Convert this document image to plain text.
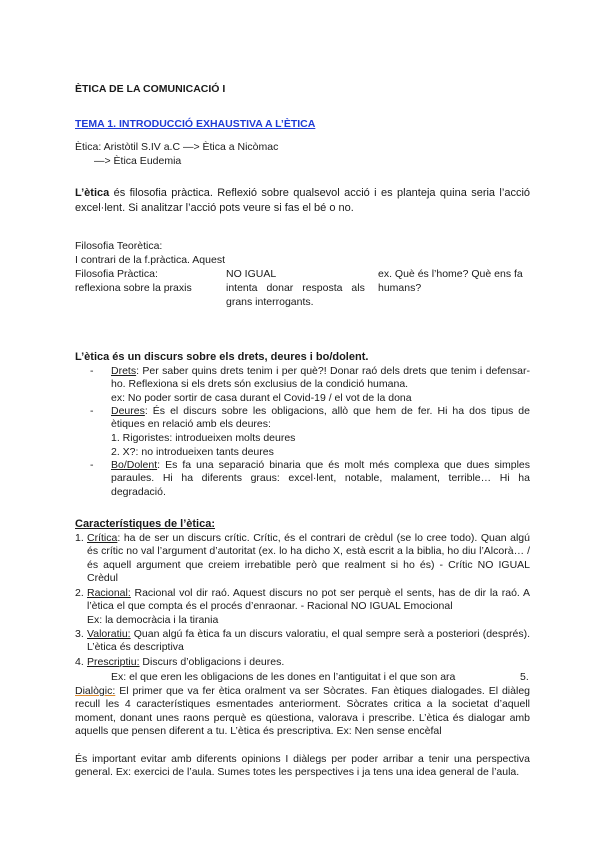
ÈTICA DE LA COMUNICACIÓ I
TEMA 1. INTRODUCCIÓ EXHAUSTIVA A L’ÈTICA
Ètica: Aristòtil S.IV a.C —> Ètica a Nicòmac
—> Ètica Eudemia
L’ètica és filosofia pràctica. Reflexió sobre qualsevol acció i es planteja quina seria l’acció excel·lent. Si analitzar l’acció pots veure si fas el bé o no.
Filosofia Teorètica:
I contrari de la f.pràctica. Aquest
Filosofia Pràctica:
reflexiona sobre la praxis
NO IGUAL
intenta donar resposta als
grans interrogants.
ex. Què és l’home? Què ens fa
humans?
L’ètica és un discurs sobre els drets, deures i bo/dolent.
- Drets: Per saber quins drets tenim i per què?! Donar raó dels drets que tenim i defensar-ho. Reflexiona si els drets són exclusius de la condició humana.
ex: No poder sortir de casa durant el Covid-19 / el vot de la dona
- Deures: És el discurs sobre les obligacions, allò que hem de fer. Hi ha dos tipus de ètiques en relació amb els deures:
1. Rigoristes: introdueixen molts deures
2. X?: no introdueixen tants deures
- Bo/Dolent: Es fa una separació binaria que és molt més complexa que dues simples paraules. Hi ha diferents graus: excel·lent, notable, malament, terrible… Hi ha degradació.
Característiques de l’ètica:
1. Crítica: ha de ser un discurs crític. Crític, és el contrari de crèdul (se lo cree todo). Quan algú és crític no val l’argument d’autoritat (ex. lo ha dicho X, està escrit a la biblia, ho diu l’Alcorà… / és aquell argument que creiem irrebatible però que realment si ho és) - Crític NO IGUAL Crèdul
2. Racional: Racional vol dir raó. Aquest discurs no pot ser perquè el sents, has de dir la raó. A l’ètica el que compta és el procés d’enraonar. - Racional NO IGUAL Emocional
Ex: la democràcia i la tirania
3. Valoratiu: Quan algú fa ètica fa un discurs valoratiu, el qual sempre serà a posteriori (després). L’ètica és descriptiva
4. Prescriptiu: Discurs d’obligacions i deures.
Ex: el que eren les obligacions de les dones en l’antiguitat i el que son ara	5.
Dialògic: El primer que va fer ètica oralment va ser Sòcrates. Fan ètiques dialogades. El diàleg recull les 4 característiques esmentades anteriorment. Sòcrates critica a la societat d’aquell moment, donant unes raons perquè es qüestiona, valorava i prescribe. L’ètica és dialogar amb aquells que pensen diferent a tu. L’ètica és prescriptiva. Ex: Nen sense encèfal
És important evitar amb diferents opinions I diàlegs per poder arribar a tenir una perspectiva general. Ex: exercici de l’aula. Sumes totes les perspectives i ja tens una idea general de l’aula.
